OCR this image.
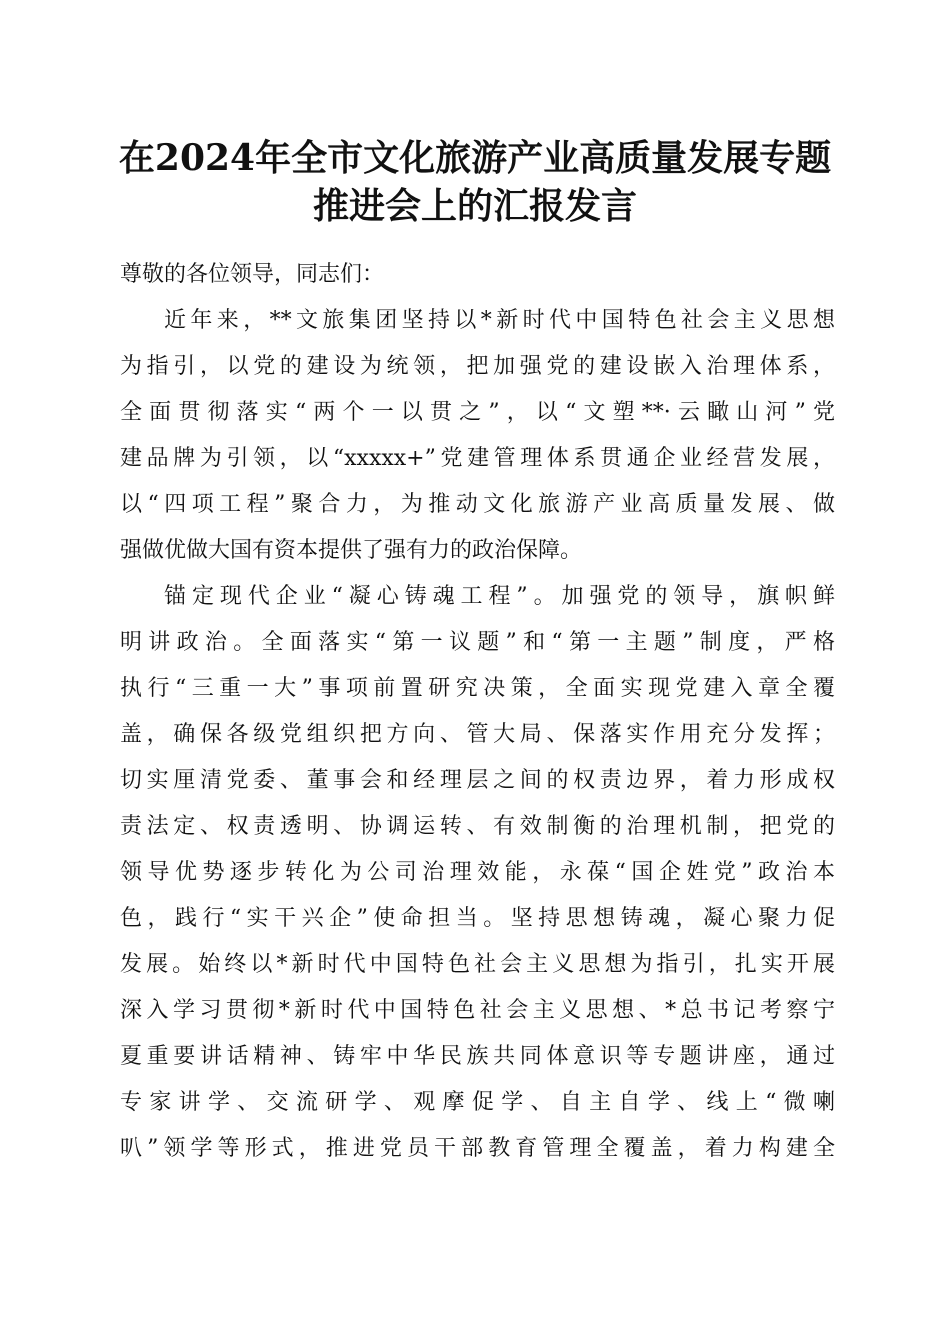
在2024年全市文化旅游产业高质量发展专题
推进会上的汇报发言
尊敬的各位领导，同志们：
近年来，**文旅集团坚持以*新时代中国特色社会主义思想
为指引，以党的建设为统领，把加强党的建设嵌入治理体系，
全面贯彻落实“两个一以贯之”，以“文塑**·云瞰山河”党
建品牌为引领，以“xxxxx+”党建管理体系贯通企业经营发展，
以“四项工程”聚合力，为推动文化旅游产业高质量发展、做
强做优做大国有资本提供了强有力的政治保障。
锚定现代企业“凝心铸魂工程”。加强党的领导，旗帜鲜
明讲政治。全面落实“第一议题”和“第一主题”制度，严格
执行“三重一大”事项前置研究决策，全面实现党建入章全覆
盖，确保各级党组织把方向、管大局、保落实作用充分发挥；
切实厘清党委、董事会和经理层之间的权责边界，着力形成权
责法定、权责透明、协调运转、有效制衡的治理机制，把党的
领导优势逐步转化为公司治理效能，永葆“国企姓党”政治本
色，践行“实干兴企”使命担当。坚持思想铸魂，凝心聚力促
发展。始终以*新时代中国特色社会主义思想为指引，扎实开展
深入学习贯彻*新时代中国特色社会主义思想、*总书记考察宁
夏重要讲话精神、铸牢中华民族共同体意识等专题讲座，通过
专家讲学、交流研学、观摩促学、自主自学、线上“微喇
叭”领学等形式，推进党员干部教育管理全覆盖，着力构建全
